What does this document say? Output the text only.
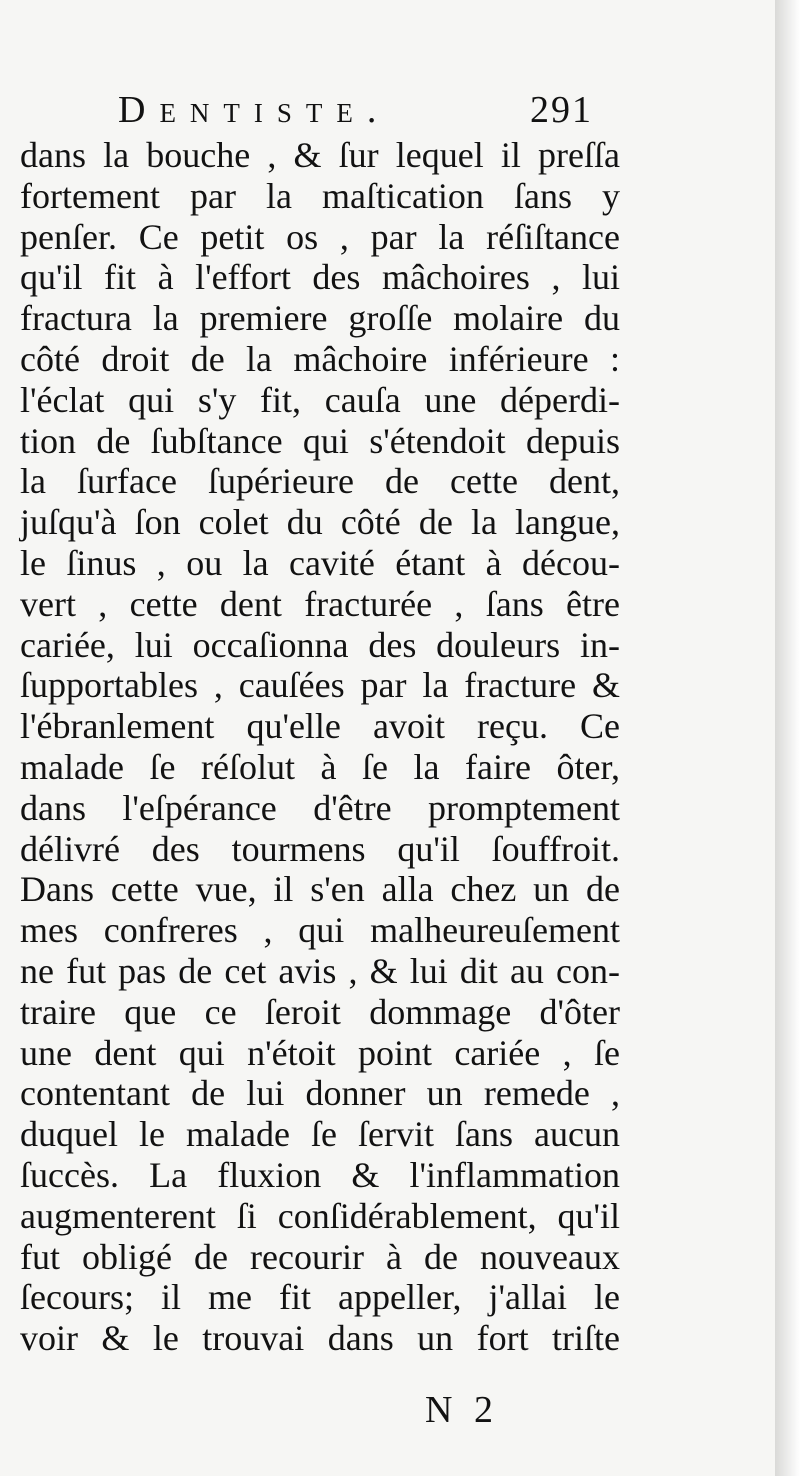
Dentiste.	291
dans la bouche , & ſur lequel il preſſa
fortement par la maſtication ſans y
penſer. Ce petit os , par la réſiſtance
qu'il fit à l'effort des mâchoires , lui
fractura la premiere groſſe molaire du
côté droit de la mâchoire inférieure :
l'éclat qui s'y fit, cauſa une déperdi-
tion de ſubſtance qui s'étendoit depuis
la ſurface ſupérieure de cette dent,
juſqu'à ſon colet du côté de la langue,
le ſinus , ou la cavité étant à décou-
vert , cette dent fracturée , ſans être
cariée, lui occaſionna des douleurs in-
ſupportables , cauſées par la fracture &
l'ébranlement qu'elle avoit reçu. Ce
malade ſe réſolut à ſe la faire ôter,
dans l'eſpérance d'être promptement
délivré des tourmens qu'il ſouffroit.
Dans cette vue, il s'en alla chez un de
mes confreres , qui malheureuſement
ne fut pas de cet avis , & lui dit au con-
traire que ce ſeroit dommage d'ôter
une dent qui n'étoit point cariée , ſe
contentant de lui donner un remede ,
duquel le malade ſe ſervit ſans aucun
ſuccès. La fluxion & l'inflammation
augmenterent ſi conſidérablement, qu'il
fut obligé de recourir à de nouveaux
ſecours; il me fit appeller, j'allai le
voir & le trouvai dans un fort triſte
N 2
